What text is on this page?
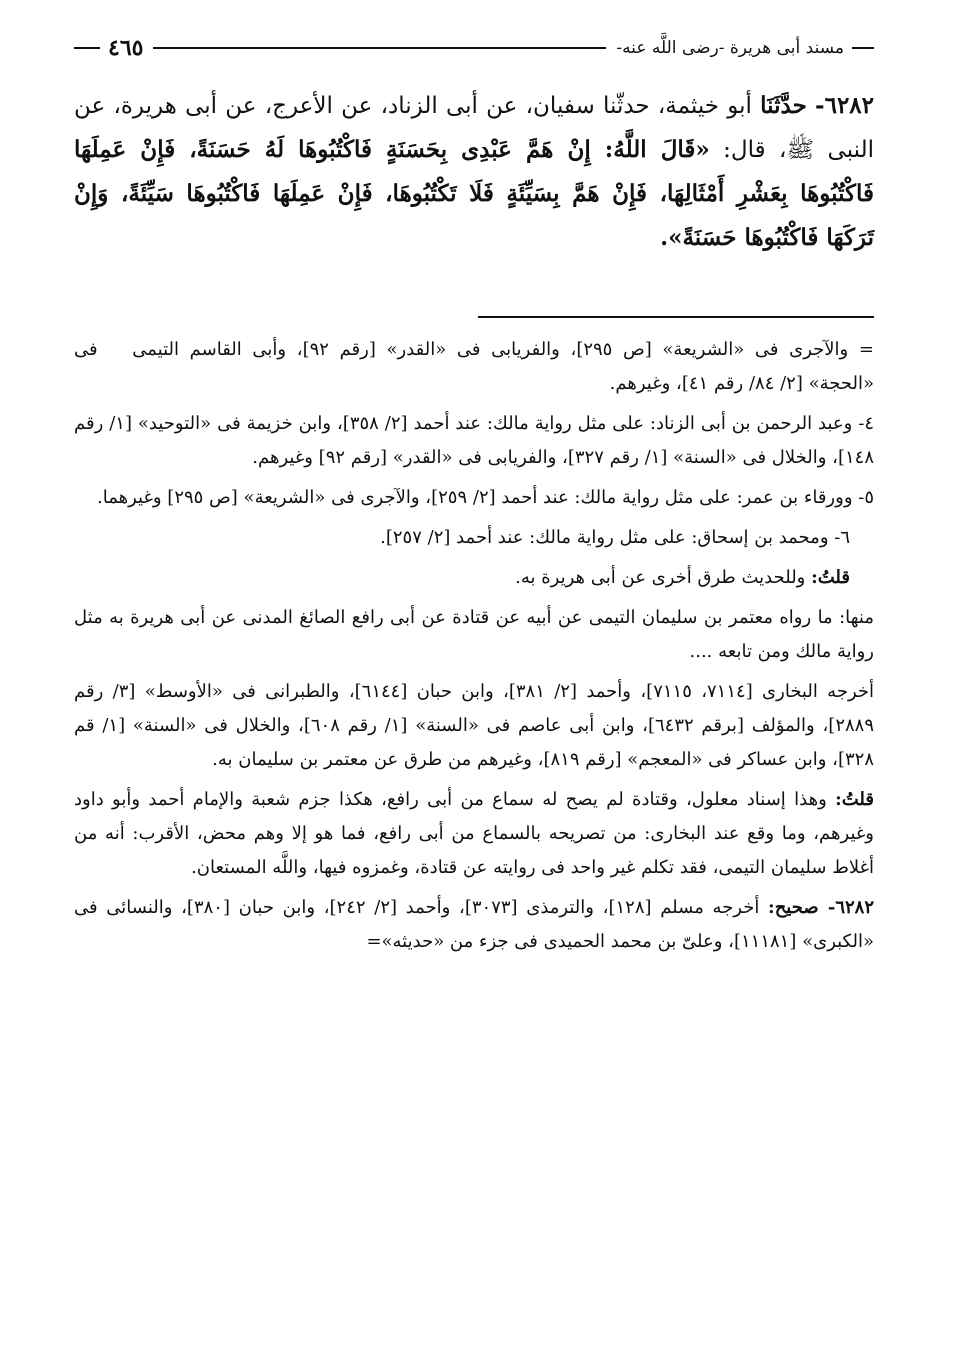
مسند أبى هريرة -رضى اللَّه عنه-
٤٦٥
٦٢٨٢- حدَّثَنَا أبو خيثمة، حدثّنا سفيان، عن أبى الزناد، عن الأعرج، عن أبى هريرة، عن النبى ﷺ، قال: «قَالَ اللَّهُ: إِنْ هَمَّ عَبْدِى بِحَسَنَةٍ فَاكْتُبُوهَا لَهُ حَسَنَةً، فَإِنْ عَمِلَهَا فَاكْتُبُوهَا بِعَشْرِ أَمْثَالِهَا، فَإِنْ هَمَّ بِسَيِّئَةٍ فَلَا تَكْتُبُوهَا، فَإِنْ عَمِلَهَا فَاكْتُبُوهَا سَيِّئَةً، وَإِنْ تَرَكَهَا فَاكْتُبُوهَا حَسَنَةً».

= والآجرى فى «الشريعة» [ص ٢٩٥]، والفريابى فى «القدر» [رقم ٩٢]، وأبى القاسم التيمى فى «الحجة» [٢/ ٨٤/ رقم ٤١]، وغيرهم.

٤- وعبد الرحمن بن أبى الزناد: على مثل رواية مالك: عند أحمد [٢/ ٣٥٨]، وابن خزيمة فى «التوحيد» [١/ رقم ١٤٨]، والخلال فى «السنة» [١/ رقم ٣٢٧]، والفريابى فى «القدر» [رقم ٩٢] وغيرهم.

٥- وورقاء بن عمر: على مثل رواية مالك: عند أحمد [٢/ ٢٥٩]، والآجرى فى «الشريعة» [ص ٢٩٥] وغيرهما.

٦- ومحمد بن إسحاق: على مثل رواية مالك: عند أحمد [٢/ ٢٥٧].

قلتُ: وللحديث طرق أخرى عن أبى هريرة به.

منها: ما رواه معتمر بن سليمان التيمى عن أبيه عن قتادة عن أبى رافع الصائغ المدنى عن أبى هريرة به مثل رواية مالك ومن تابعه ....

أخرجه البخارى [٧١١٤، ٧١١٥]، وأحمد [٢/ ٣٨١]، وابن حبان [٦١٤٤]، والطبرانى فى «الأوسط» [٣/ رقم ٢٨٨٩]، والمؤلف [برقم ٦٤٣٢]، وابن أبى عاصم فى «السنة» [١/ رقم ٦٠٨]، والخلال فى «السنة» [١/ قم ٣٢٨]، وابن عساكر فى «المعجم» [رقم ٨١٩]، وغيرهم من طرق عن معتمر بن سليمان به.

قلتُ: وهذا إسناد معلول، وقتادة لم يصح له سماع من أبى رافع، هكذا جزم شعبة والإمام أحمد وأبو داود وغيرهم، وما وقع عند البخارى: من تصريحه بالسماع من أبى رافع، فما هو إلا وهم محض، الأقرب: أنه من أغلاط سليمان التيمى، فقد تكلم غير واحد فى روايته عن قتادة، وغمزوه فيها، واللَّه المستعان.

٦٢٨٢- صحيح: أخرجه مسلم [١٢٨]، والترمذى [٣٠٧٣]، وأحمد [٢/ ٢٤٢]، وابن حبان [٣٨٠]، والنسائى فى «الكبرى» [١١١٨١]، وعلىّ بن محمد الحميدى فى جزء من «حديثه»=
